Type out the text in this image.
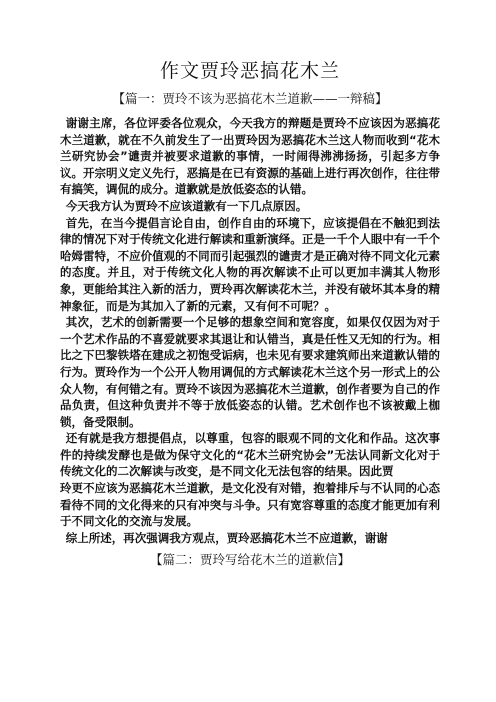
作文贾玲恶搞花木兰
【篇一：贾玲不该为恶搞花木兰道歉——一辩稿】

谢谢主席，各位评委各位观众，今天我方的辩题是贾玲不应该因为恶搞花木兰道歉，就在不久前发生了一出贾玲因为恶搞花木兰这人物而收到“花木兰研究协会”谴责并被要求道歉的事情，一时闹得沸沸扬扬，引起多方争议。开宗明义定义先行，恶搞是在已有资源的基础上进行再次创作，往往带有搞笑，调侃的成分。道歉就是放低姿态的认错。

今天我方认为贾玲不应该道歉有一下几点原因。

首先，在当今提倡言论自由，创作自由的环境下，应该提倡在不触犯到法律的情况下对于传统文化进行解读和重新演绎。正是一千个人眼中有一千个哈姆雷特，不应价值观的不同而引起强烈的谴责才是正确对待不同文化元素的态度。并且，对于传统文化人物的再次解读不止可以更加丰满其人物形象，更能给其注入新的活力，贾玲再次解读花木兰，并没有破坏其本身的精神象征，而是为其加入了新的元素，又有何不可呢？。

其次，艺术的创新需要一个足够的想象空间和宽容度，如果仅仅因为对于一个艺术作品的不喜爱就要求其退让和认错当，真是任性又无知的行为。相比之下巴黎铁塔在建成之初饱受诟病，也未见有要求建筑师出来道歉认错的行为。贾玲作为一个公开人物用调侃的方式解读花木兰这个另一形式上的公众人物，有何错之有。贾玲不该因为恶搞花木兰道歉，创作者要为自己的作品负责，但这种负责并不等于放低姿态的认错。艺术创作也不该被戴上枷锁，备受限制。

还有就是我方想提倡点，以尊重，包容的眼观不同的文化和作品。这次事件的持续发酵也是做为保守文化的“花木兰研究协会”无法认同新文化对于传统文化的二次解读与改变，是不同文化无法包容的结果。因此贾

玲更不应该为恶搞花木兰道歉，是文化没有对错，抱着排斥与不认同的心态看待不同的文化得来的只有冲突与斗争。只有宽容尊重的态度才能更加有利于不同文化的交流与发展。

综上所述，再次强调我方观点，贾玲恶搞花木兰不应道歉，谢谢

【篇二：贾玲写给花木兰的道歉信】
